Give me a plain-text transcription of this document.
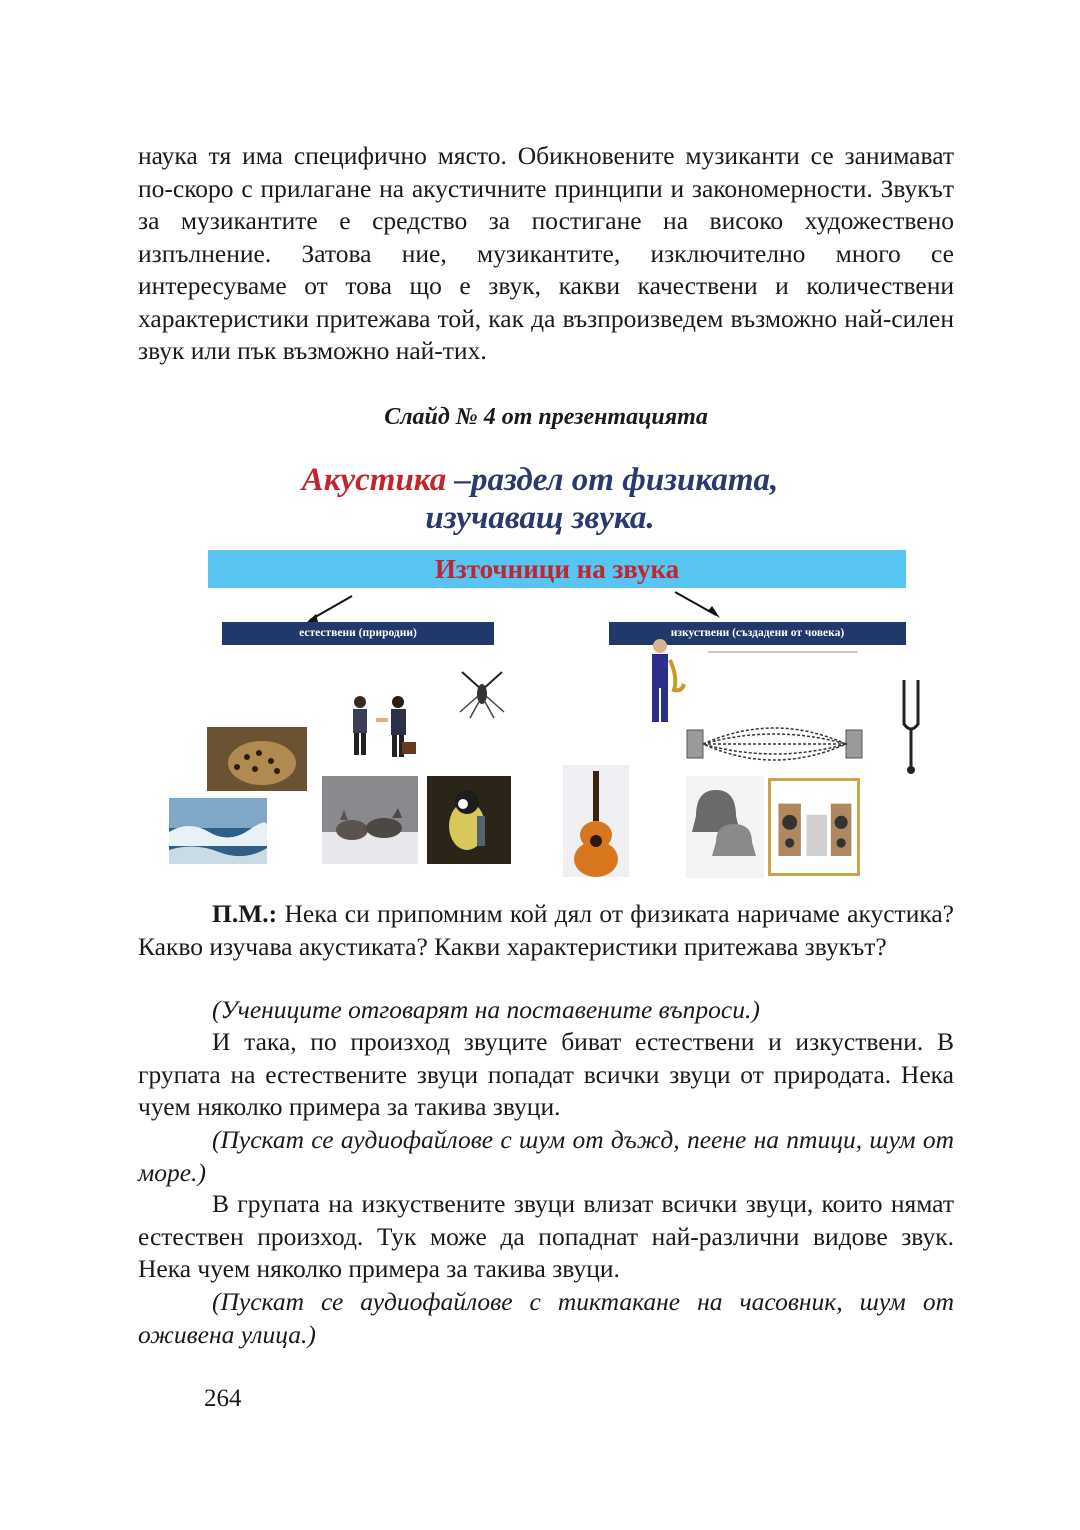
наука тя има специфично място. Обикновените музиканти се занимават по-скоро с прилагане на акустичните принципи и закономерности. Звукът за музикантите е средство за постигане на високо художествено изпълнение. Затова ние, музикантите, изключително много се интересуваме от това що е звук, какви качествени и количествени характеристики притежава той, как да възпроизведем възможно най-силен звук или пък възможно най-тих.

Слайд № 4 от презентацията
Акустика –раздел от физиката,
изучаващ звука.
Източници на звука
естествени (природни)	изкуствени (създадени от човека)

П.М.: Нека си припомним кой дял от физиката наричаме акустика? Какво изучава акустиката? Какви характеристики притежава звукът?

(Учениците отговарят на поставените въпроси.)

И така, по произход звуците биват естествени и изкуствени. В групата на естествените звуци попадат всички звуци от природата. Нека чуем няколко примера за такива звуци.

(Пускат се аудиофайлове с шум от дъжд, пеене на птици, шум от море.)

В групата на изкуствените звуци влизат всички звуци, които нямат естествен произход. Тук може да попаднат най-различни видове звук. Нека чуем няколко примера за такива звуци.

(Пускат се аудиофайлове с тиктакане на часовник, шум от оживена улица.)

264
